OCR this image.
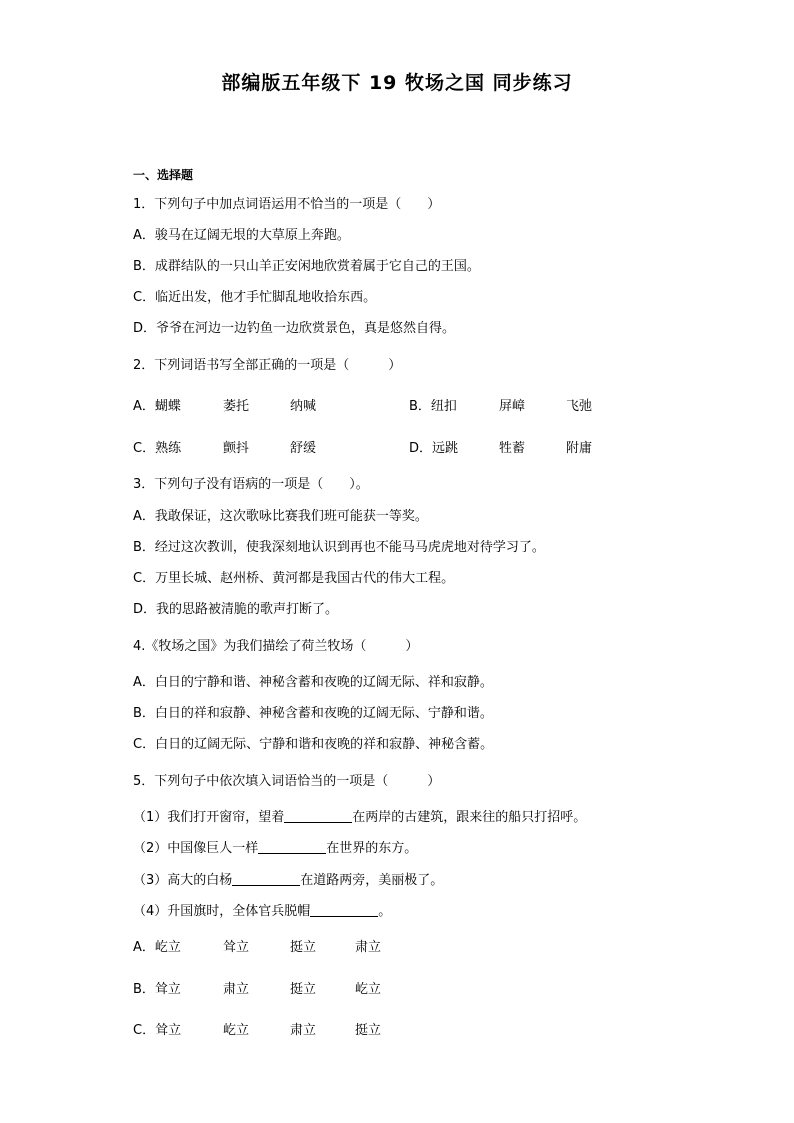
部编版五年级下 19 牧场之国 同步练习
一、选择题
1．下列句子中加点词语运用不恰当的一项是（　　）
A．骏马在辽阔无垠的大草原上奔跑。
B．成群结队的一只山羊正安闲地欣赏着属于它自己的王国。
C．临近出发，他才手忙脚乱地收拾东西。
D．爷爷在河边一边钓鱼一边欣赏景色，真是悠然自得。
2．下列词语书写全部正确的一项是（　　　）
A．蝴蝶	萎托	纳喊	B．纽扣	屏嶂	飞弛
C．熟练	颤抖	舒缓	D．远跳	牲蓄	附庸
3．下列句子没有语病的一项是（　　）。
A．我敢保证，这次歌咏比赛我们班可能获一等奖。
B．经过这次教训，使我深刻地认识到再也不能马马虎虎地对待学习了。
C．万里长城、赵州桥、黄河都是我国古代的伟大工程。
D．我的思路被清脆的歌声打断了。
4.《牧场之国》为我们描绘了荷兰牧场（　　　）
A．白日的宁静和谐、神秘含蓄和夜晚的辽阔无际、祥和寂静。
B．白日的祥和寂静、神秘含蓄和夜晚的辽阔无际、宁静和谐。
C．白日的辽阔无际、宁静和谐和夜晚的祥和寂静、神秘含蓄。
5．下列句子中依次填入词语恰当的一项是（　　　）
（1）我们打开窗帘，望着	在两岸的古建筑，跟来往的船只打招呼。
（2）中国像巨人一样	在世界的东方。
（3）高大的白杨	在道路两旁，美丽极了。
（4）升国旗时，全体官兵脱帽	。
A．屹立	耸立	挺立	肃立
B．耸立	肃立	挺立	屹立
C．耸立	屹立	肃立	挺立
